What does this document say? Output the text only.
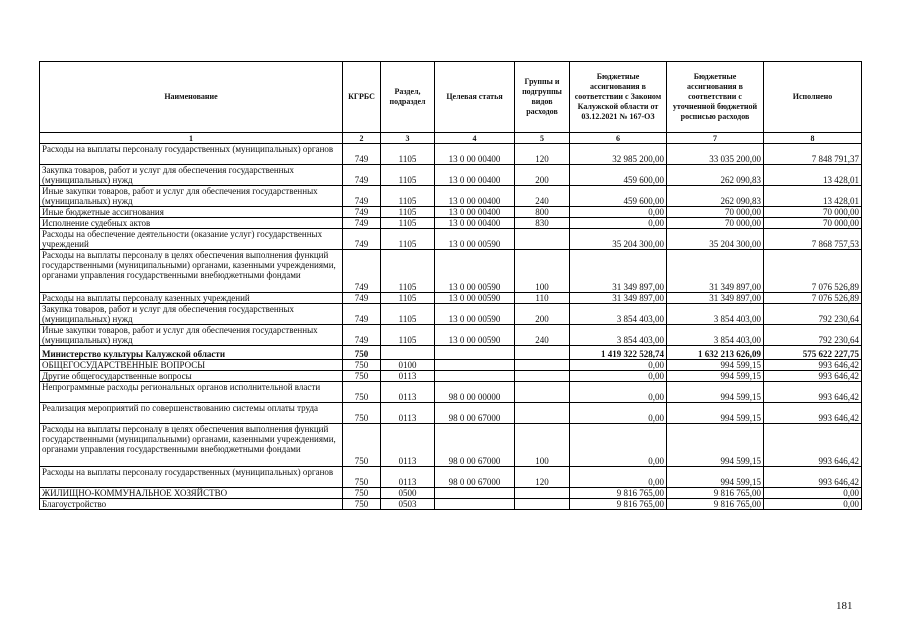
Наименование	КГРБС	Раздел, подраздел	Целевая статья	Группы и подгруппы видов расходов	Бюджетные ассигнования в соответствии с Законом Калужской области от 03.12.2021 № 167-ОЗ	Бюджетные ассигнования в соответствии с уточненной бюджетной росписью расходов	Исполнено
1	2	3	4	5	6	7	8
Расходы на выплаты персоналу государственных (муниципальных) органов	749	1105	13 0 00 00400	120	32 985 200,00	33 035 200,00	7 848 791,37
Закупка товаров, работ и услуг для обеспечения государственных (муниципальных) нужд	749	1105	13 0 00 00400	200	459 600,00	262 090,83	13 428,01
Иные закупки товаров, работ и услуг для обеспечения государственных (муниципальных) нужд	749	1105	13 0 00 00400	240	459 600,00	262 090,83	13 428,01
Иные бюджетные ассигнования	749	1105	13 0 00 00400	800	0,00	70 000,00	70 000,00
Исполнение судебных актов	749	1105	13 0 00 00400	830	0,00	70 000,00	70 000,00
Расходы на обеспечение деятельности (оказание услуг) государственных учреждений	749	1105	13 0 00 00590		35 204 300,00	35 204 300,00	7 868 757,53
Расходы на выплаты персоналу в целях обеспечения выполнения функций государственными (муниципальными) органами, казенными учреждениями, органами управления государственными внебюджетными фондами	749	1105	13 0 00 00590	100	31 349 897,00	31 349 897,00	7 076 526,89
Расходы на выплаты персоналу казенных учреждений	749	1105	13 0 00 00590	110	31 349 897,00	31 349 897,00	7 076 526,89
Закупка товаров, работ и услуг для обеспечения государственных (муниципальных) нужд	749	1105	13 0 00 00590	200	3 854 403,00	3 854 403,00	792 230,64
Иные закупки товаров, работ и услуг для обеспечения государственных (муниципальных) нужд	749	1105	13 0 00 00590	240	3 854 403,00	3 854 403,00	792 230,64
Министерство культуры Калужской области	750				1 419 322 528,74	1 632 213 626,09	575 622 227,75
ОБЩЕГОСУДАРСТВЕННЫЕ ВОПРОСЫ	750	0100			0,00	994 599,15	993 646,42
Другие общегосударственные вопросы	750	0113			0,00	994 599,15	993 646,42
Непрограммные расходы региональных органов исполнительной власти	750	0113	98 0 00 00000		0,00	994 599,15	993 646,42
Реализация мероприятий по совершенствованию системы оплаты труда	750	0113	98 0 00 67000		0,00	994 599,15	993 646,42
Расходы на выплаты персоналу в целях обеспечения выполнения функций государственными (муниципальными) органами, казенными учреждениями, органами управления государственными внебюджетными фондами	750	0113	98 0 00 67000	100	0,00	994 599,15	993 646,42
Расходы на выплаты персоналу государственных (муниципальных) органов	750	0113	98 0 00 67000	120	0,00	994 599,15	993 646,42
ЖИЛИЩНО-КОММУНАЛЬНОЕ ХОЗЯЙСТВО	750	0500			9 816 765,00	9 816 765,00	0,00
Благоустройство	750	0503			9 816 765,00	9 816 765,00	0,00
181
